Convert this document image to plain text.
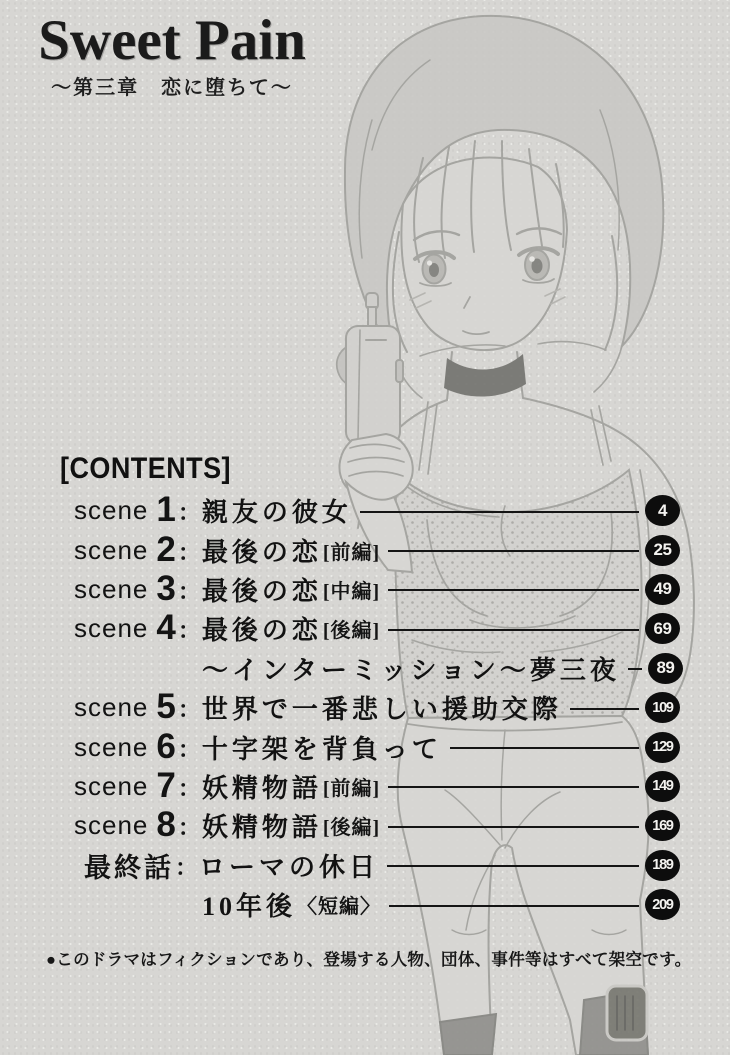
Sweet Pain
〜第三章　恋に堕ちて〜
[CONTENTS]
scene 1 ： 親友の彼女	4
scene 2 ： 最後の恋 [前編]	25
scene 3 ： 最後の恋 [中編]	49
scene 4 ： 最後の恋 [後編]	69
〜インターミッション〜夢三夜 89
scene 5 ： 世界で一番悲しい援助交際	109
scene 6 ： 十字架を背負って	129
scene 7 ： 妖精物語 [前編]	149
scene 8 ： 妖精物語 [後編]	169
最終話 ： ローマの休日	189
10年後 〈短編〉	209
●このドラマはフィクションであり、登場する人物、団体、事件等はすべて架空です。
